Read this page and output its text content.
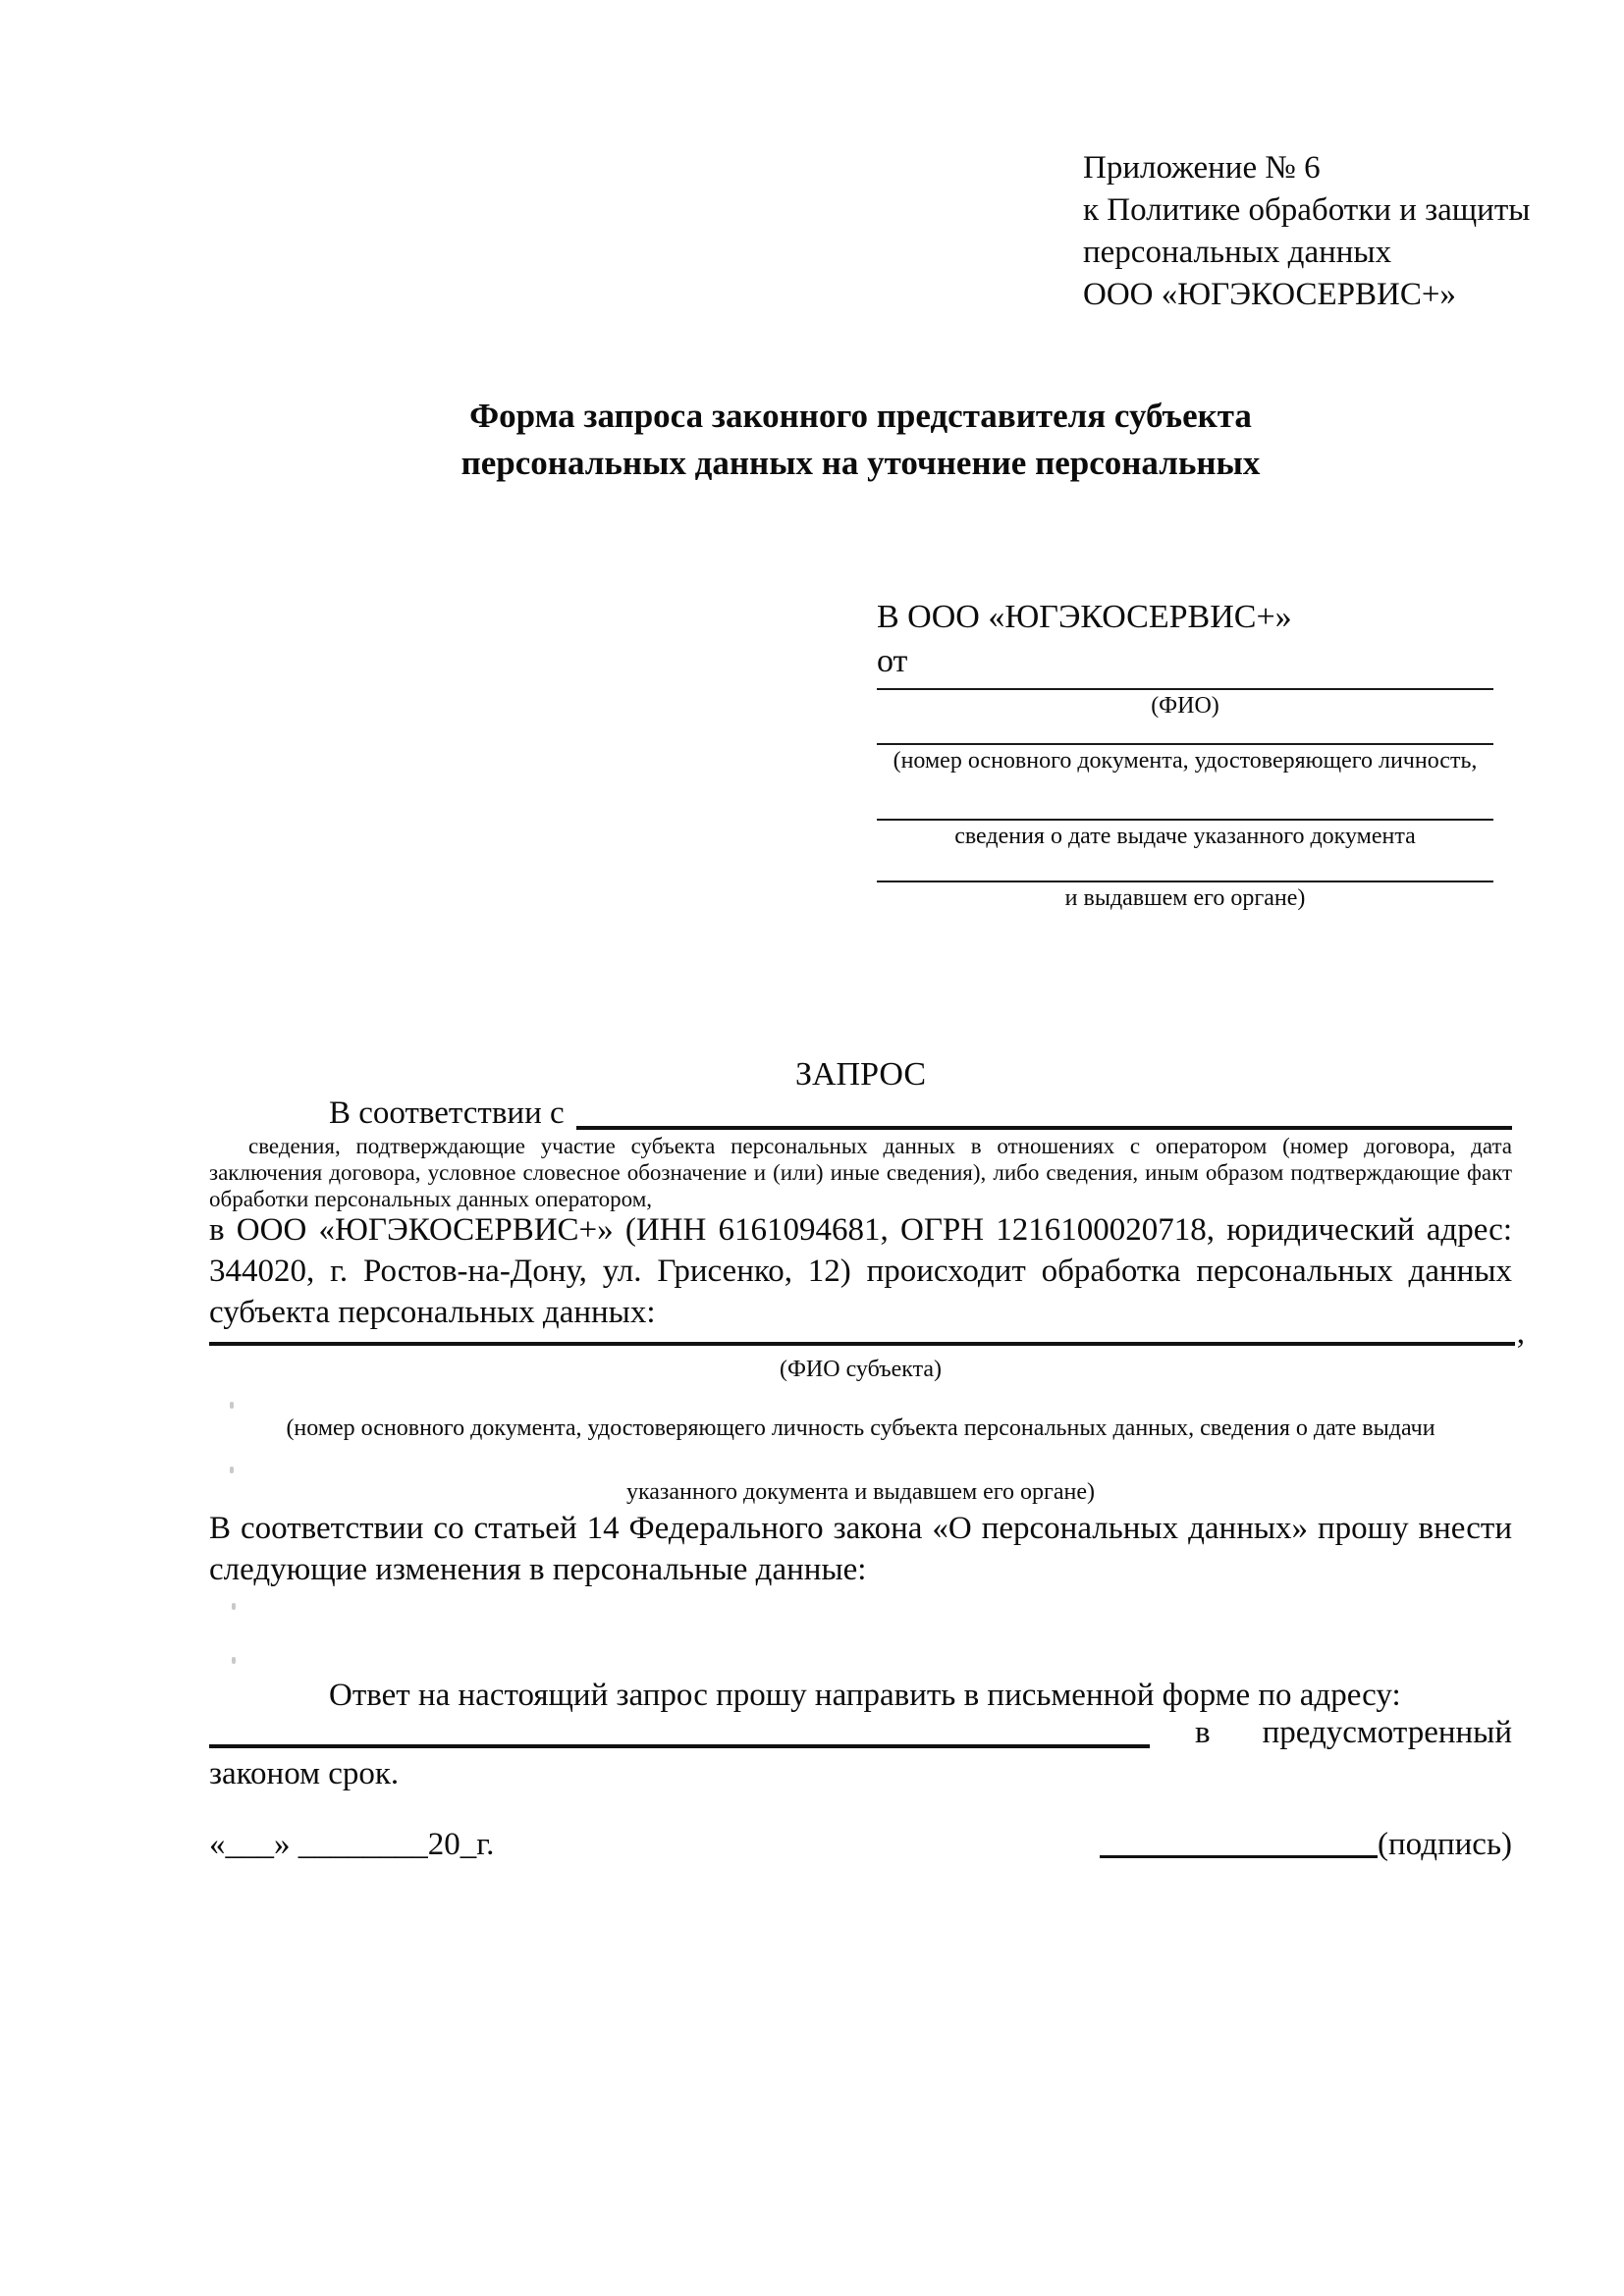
Приложение № 6
к Политике обработки и защиты
персональных данных
ООО «ЮГЭКОСЕРВИС+»
Форма запроса законного представителя субъекта
персональных данных на уточнение персональных
В ООО «ЮГЭКОСЕРВИС+»
от
(ФИО)
(номер основного документа, удостоверяющего личность,
сведения о дате выдаче указанного документа
и выдавшем его органе)
ЗАПРОС
В соответствии с
сведения, подтверждающие участие субъекта персональных данных в отношениях с оператором (номер договора, дата заключения договора, условное словесное обозначение и (или) иные сведения), либо сведения, иным образом подтверждающие факт обработки персональных данных оператором,
в ООО «ЮГЭКОСЕРВИС+» (ИНН 6161094681, ОГРН 1216100020718, юридический адрес: 344020, г. Ростов-на-Дону, ул. Грисенко, 12) происходит обработка персональных данных субъекта персональных данных:
,
(ФИО субъекта)
(номер основного документа, удостоверяющего личность субъекта персональных данных, сведения о дате выдачи
указанного документа и выдавшем его органе)
В соответствии со статьей 14 Федерального закона «О персональных данных» прошу внести следующие изменения в персональные данные:
Ответ на настоящий запрос прошу направить в письменной форме по адресу:
в предусмотренный
законом срок.
«___» ________20_г.	(подпись)
